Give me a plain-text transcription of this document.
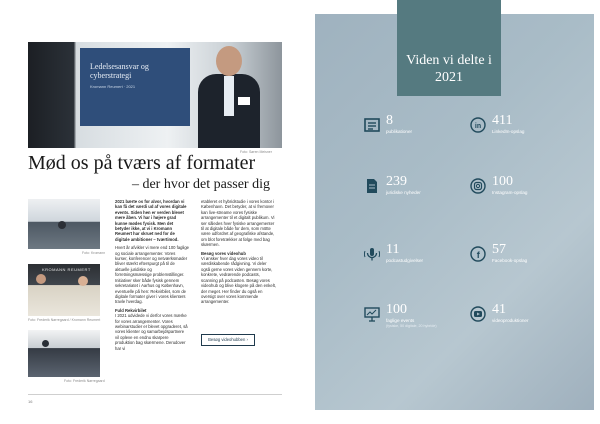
Ledelsesansvar og cyberstrategi
Kromann Reumert · 2021
Foto: Søren Meisner
Mød os på tværs af formater
– der hvor det passer dig
Foto: Kromann
KROMANN REUMERT
Foto: Frederik Nørregaard / Kromann Reumert
Foto: Frederik Nørregaard

2021 bærte os for alvor, hvordan vi kan få det værdi ud af vores digitale events. Siden hen er verden blevet mere åben. Vi har i højere grad kunne mødes fysisk. Men det betyder ikke, at vi i Kromann Reumert har skruet ned for de digitale ambitioner – tværtimod.

Hvert år afvikler vi mere end 100 faglige og sociale arrangementer. Vores kurser, konferencer og netværksmøder bliver stærkt efterspurgt på til de aktuelle juridiske og forretningsmæssige problemstillinger. Initiativer sker både fysisk gennem sekretariatet i Aarhus og København, eventuelle på hen: Rekvirbilet, som de digitale formater giver i vores klienters travle hverdag.

Fuld Rekvirbilet

I 2021 udvidede vi derfor vores mærke for vores arrangementer. Vores webinarstudier er blevet opgraderet, så vores klienter og samarbejdspartnere vil opleve en endnu skarpere produktion bag skærmene. Derudover har vi

etableret et hybridstudiе i vores kontor i København. Det betyder, at vi fremover kan live-streame vores fysiske arrangementer til et digitalt publikum. Vi ser således hver fysiske arrangementer til at digitale både for dem, som mötte være udfordret af geografiske afstande, om blot foretrækker at følge med bag skærmen.

Besøg vores videohub

Vi ønsker hver dag vores video til værdiskabende rådgivning. Vi deler også gerne vores viden gennem korte, konkrete, vedrørende podcasts, scanning på podcasten. Besøg vores videohub og blive klogere på den enkelt, der meget. Her finder du også en oversigt over vores kommende arrangementer.

Besøg videohubben ›
16
Viden vi delte i 2021
8
publikationer
in 411
LinkedIn-opslag
239
juridiske nyheder
100
Instagram-opslag
11
podcastudgivelser
f 57
Facebook-opslag
100
faglige events
(fysiske, 50 digitale, 20 hybride)
41
videoproduktioner
